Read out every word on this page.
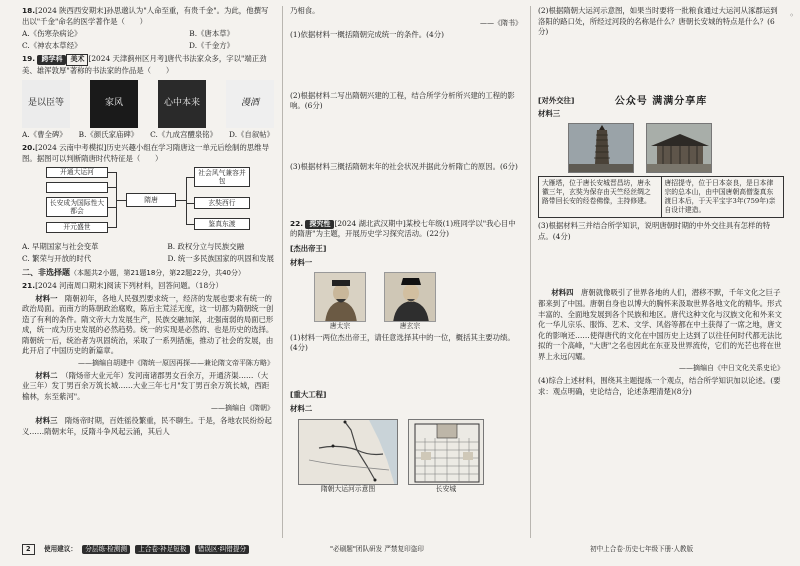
18.[2024 陕西西安期末]孙思邈认为"人命至重，有贵千金"。为此，他撰写出以"千金"命名的医学著作是（　　）

A.《伤寒杂病论》	B.《唐本草》
C.《神农本草经》	D.《千金方》

19. 跨学科 美术 [2024 天津蓟州区月考]唐代书法家众多，字以"端正劲美、雄浑敦厚"著称的书法家的作品是（　　）

是以臣等	家风	心中本来	漫酒
A.《曹全碑》 B.《颜氏家庙碑》 C.《九成宫醴泉铭》 D.《自叙帖》

20.[2024 云南中考模拟]历史兴趣小组在学习隋唐这一单元后绘制的思维导图。据图可以判断隋唐时代特征是（　　）

开通大运河
长安成为国际性大都会
开元盛世
隋唐
社会风气兼容并包
玄奘西行
鉴真东渡
A. 早期国家与社会变革	B. 政权分立与民族交融
C. 繁荣与开放的时代	D. 统一多民族国家的巩固和发展
二、非选择题（本题共2小题，第21题18分，第22题22分，共40分）

21.[2024 河南周口期末]阅读下列材料，回答问题。（18分）

材料一　 隋朝初年，各地人民强烈要求统一，经济的发展也要求有统一的政治局面。而南方的陈朝政治腐败，陈后主荒淫无度，这一切都为隋朝统一创造了有利的条件。隋文帝大力发展生产，民族交融加深，北强南弱的局面已形成，统一成为历史发展的必然趋势。统一的实现是必然的、也是历史的选择。隋朝统一后，统治者为巩固统治，采取了一系列措施，推动了社会的发展，由此开启了中国历史的新篇章。

——摘编自胡建中《隋统一原因再探——兼论隋文帝平陈方略》

材料二　 （隋炀帝大业元年）发河南诸郡男女百余万，开通济渠……（大业三年）发丁男百余万筑长城……大业三年七月"发丁男百余万筑长城，西距榆林，东至紫河"。

——摘编自《隋朝》

材料三　 隋炀帝时期，百姓徭役繁重，民不聊生。于是，各地农民纷纷起义……隋朝末年，反隋斗争风起云涌，其后人

乃相食。

——《隋书》

(1)依据材料一概括隋朝完成统一的条件。(4分)

(2)根据材料二写出隋朝兴建的工程，结合所学分析所兴建的工程的影响。(6分)

(3)根据材料三概括隋朝末年的社会状况并据此分析隋亡的原因。(6分)

22. 探究性 [2024 湖北武汉期中]某校七年级(1)班同学以"我心目中的隋唐"为主题，开展历史学习探究活动。(22分)

[杰出帝王]
材料一
唐太宗	唐玄宗

(1)材料一两位杰出帝王，请任意选择其中的一位，概括其主要功绩。(4分)

[重大工程]
材料二
隋朝大运河示意图	长安城

(2)根据隋朝大运河示意图，如果当时要将一批粮食通过大运河从涿郡运到洛阳的路口处，所经过河段的名称是什么？唐朝长安城的特点是什么？(6分)

[对外交往]	公众号 满满分享库
材料三
大雁塔，位于唐长安城晋昌坊，唐永徽三年，玄奘为保存由天竺经丝绸之路带回长安的经卷佛像，主持修建。	唐招提寺，位于日本奈良，是日本律宗的总本山，由中国唐朝高僧鉴真东渡日本后，于天平宝字3年(759年)亲自设计建造。

(3)根据材料三并结合所学知识，说明唐朝时期的中外交往具有怎样的特点。(4分)

材料四　 唐朝就像吸引了世界各地的人们，潜移不默，千年文化之巨子都来到了中国。唐朝自身也以博大的胸怀来汲取世界各地文化的精华。形式丰富的、全面地发展到各个民族和地区。唐代这种文化与汉族文化和外来文化一华儿宗乐、服饰、艺术、文学、风俗等都在中土获得了一席之地，唐文化的影响还……使得唐代的文化在中国历史上达到了以往任何时代都无法比拟的一个高峰，"大唐"之名也因此在东亚及世界流传，它们的光芒也将在世界上永远闪耀。

——摘编自《中日文化关系史论》

(4)综合上述材料，围绕其主题提炼一个观点，结合所学知识加以论述。(要求：观点明确，史论结合，论述条理清楚)(8分)

◦
2	使用建议： 分层练·检测测 上合卷·补足短板 错误区·纠错提分	"必刷题"团队研发 严禁复印盗印	初中上合卷·历史七年级下册·人教版
